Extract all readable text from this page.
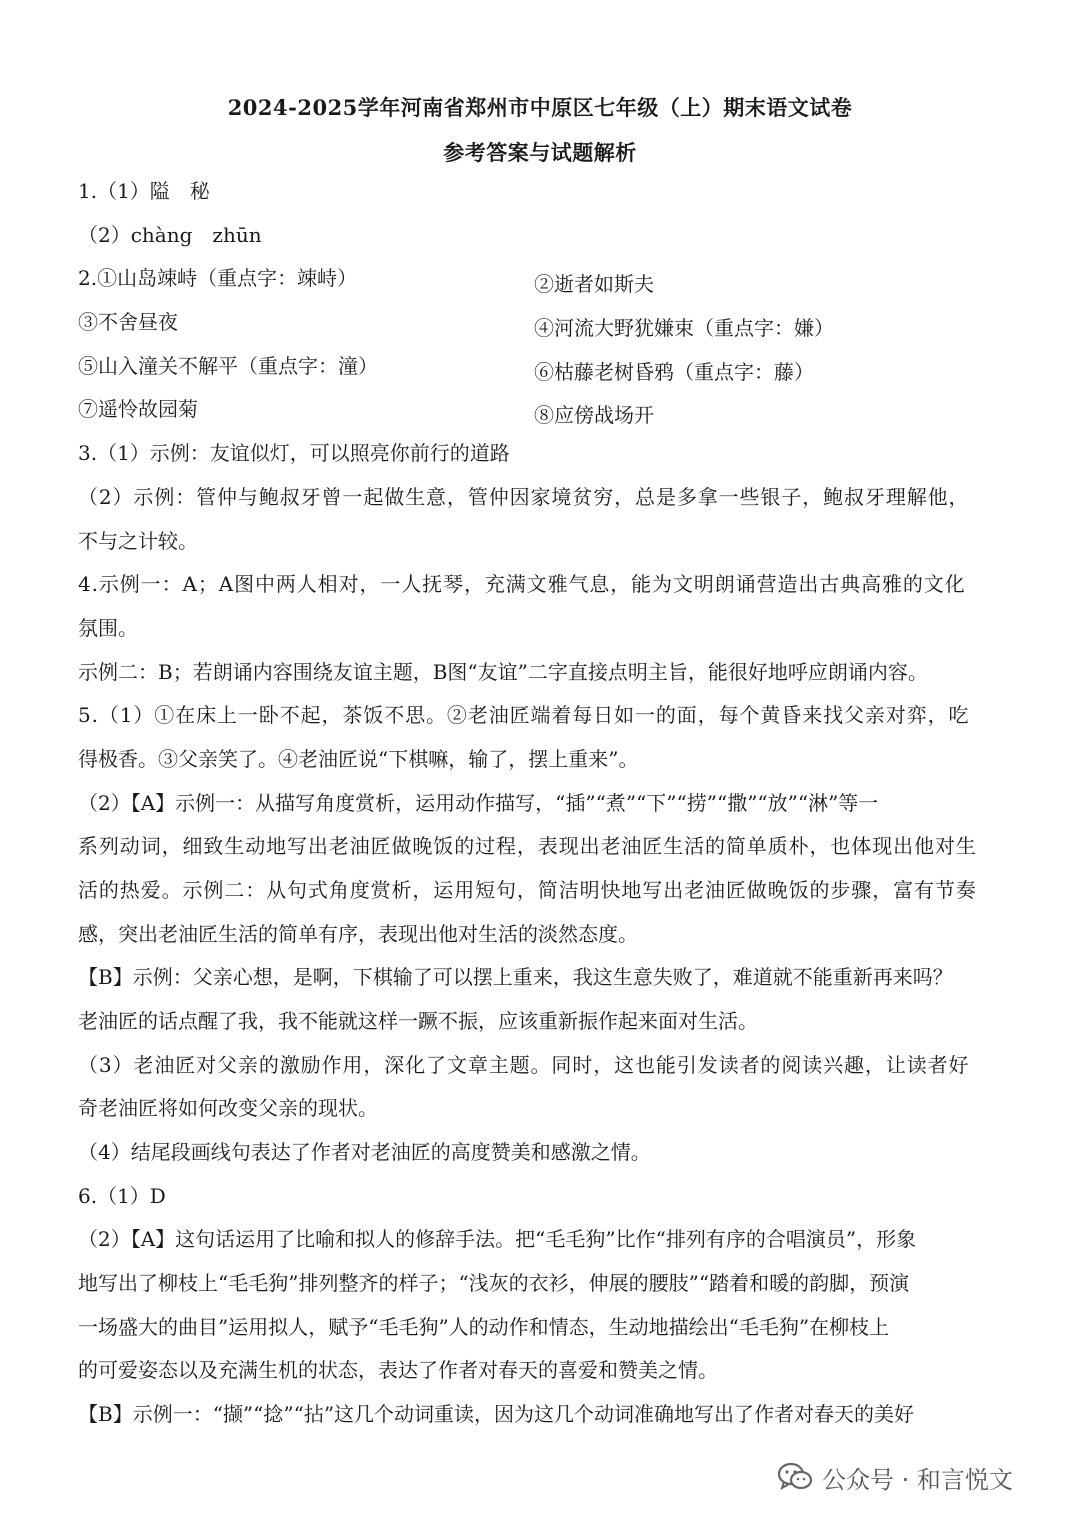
2024-2025学年河南省郑州市中原区七年级（上）期末语文试卷
参考答案与试题解析
1.（1）隘　秘
（2）chàng　zhūn
2.①山岛竦峙（重点字：竦峙）	②逝者如斯夫
③不舍昼夜	④河流大野犹嫌束（重点字：嫌）
⑤山入潼关不解平（重点字：潼）	⑥枯藤老树昏鸦（重点字：藤）
⑦遥怜故园菊	⑧应傍战场开
3.（1）示例：友谊似灯，可以照亮你前行的道路
（2）示例：管仲与鲍叔牙曾一起做生意，管仲因家境贫穷，总是多拿一些银子，鲍叔牙理解他，
不与之计较。
4.示例一：A；A图中两人相对，一人抚琴，充满文雅气息，能为文明朗诵营造出古典高雅的文化
氛围。
示例二：B；若朗诵内容围绕友谊主题，B图“友谊”二字直接点明主旨，能很好地呼应朗诵内容。
5.（1）①在床上一卧不起，茶饭不思。②老油匠端着每日如一的面，每个黄昏来找父亲对弈，吃
得极香。③父亲笑了。④老油匠说“下棋嘛，输了，摆上重来”。
（2）【A】示例一：从描写角度赏析，运用动作描写，“插”“煮”“下”“捞”“撒”“放”“淋”等一
系列动词，细致生动地写出老油匠做晚饭的过程，表现出老油匠生活的简单质朴，也体现出他对生
活的热爱。示例二：从句式角度赏析，运用短句，简洁明快地写出老油匠做晚饭的步骤，富有节奏
感，突出老油匠生活的简单有序，表现出他对生活的淡然态度。
【B】示例：父亲心想，是啊，下棋输了可以摆上重来，我这生意失败了，难道就不能重新再来吗？
老油匠的话点醒了我，我不能就这样一蹶不振，应该重新振作起来面对生活。
（3）老油匠对父亲的激励作用，深化了文章主题。同时，这也能引发读者的阅读兴趣，让读者好
奇老油匠将如何改变父亲的现状。
（4）结尾段画线句表达了作者对老油匠的高度赞美和感激之情。
6.（1）D
（2）【A】这句话运用了比喻和拟人的修辞手法。把“毛毛狗”比作“排列有序的合唱演员”，形象
地写出了柳枝上“毛毛狗”排列整齐的样子；“浅灰的衣衫，伸展的腰肢”“踏着和暖的韵脚，预演
一场盛大的曲目”运用拟人，赋予“毛毛狗”人的动作和情态，生动地描绘出“毛毛狗”在柳枝上
的可爱姿态以及充满生机的状态，表达了作者对春天的喜爱和赞美之情。
【B】示例一：“撷”“捻”“拈”这几个动词重读，因为这几个动词准确地写出了作者对春天的美好
公众号 · 和言悦文
